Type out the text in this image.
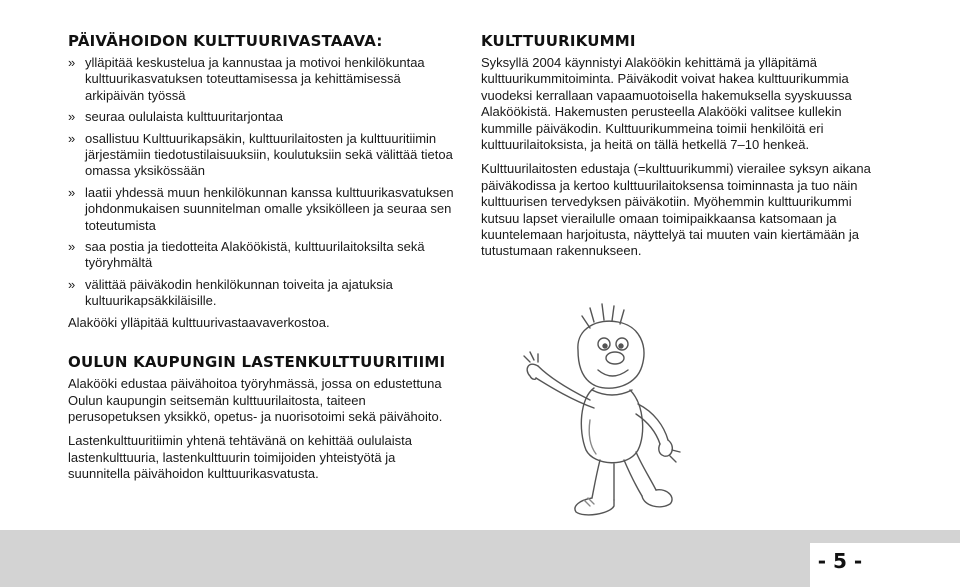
PÄIVÄHOIDON KULTTUURIVASTAAVA:
» ylläpitää keskustelua ja kannustaa ja motivoi henkilökuntaa kulttuurikasvatuksen toteuttamisessa ja kehittämisessä arkipäivän työssä
» seuraa oululaista kulttuuritarjontaa
» osallistuu Kulttuurikapsäkin, kulttuurilaitosten ja kulttuuritiimin järjestämiin tiedotustilaisuuksiin, koulutuksiin sekä välittää tietoa omassa yksikössään
» laatii yhdessä muun henkilökunnan kanssa kulttuurikasvatuksen johdonmukaisen suunnitelman omalle yksikölleen ja seuraa sen toteutumista
» saa postia ja tiedotteita Alaköökistä, kulttuurilaitoksilta sekä työryhmältä
» välittää päiväkodin henkilökunnan toiveita ja ajatuksia kultuurikapsäkkiläisille.

Alakööki ylläpitää kulttuurivastaavaverkostoa.

OULUN KAUPUNGIN LASTENKULTTUURITIIMI

Alakööki edustaa päivähoitoa työryhmässä, jossa on edustettuna Oulun kaupungin seitsemän kulttuurilaitosta, taiteen perusopetuksen yksikkö, opetus- ja nuorisotoimi sekä päivähoito.

Lastenkulttuuritiimin yhtenä tehtävänä on kehittää oululaista lastenkulttuuria, lastenkulttuurin toimijoiden yhteistyötä ja suunnitella päivähoidon kulttuurikasvatusta.

KULTTUURIKUMMI

Syksyllä 2004 käynnistyi Alaköökin kehittämä ja ylläpitämä kulttuurikummitoiminta. Päiväkodit voivat hakea kulttuurikummia vuodeksi kerrallaan vapaamuotoisella hakemuksella syyskuussa Alaköökistä. Hakemusten perusteella Alakööki valitsee kullekin kummille päiväkodin. Kulttuurikummeina toimii henkilöitä eri kulttuurilaitoksista, ja heitä on tällä hetkellä 7–10 henkeä.

Kulttuurilaitosten edustaja (=kulttuurikummi) vierailee syksyn aikana päiväkodissa ja kertoo kulttuurilaitoksensa toiminnasta ja tuo näin kulttuurisen tervedyksen päiväkotiin. Myöhemmin kulttuurikummi kutsuu lapset vierailulle omaan toimipaikkaansa katsomaan ja kuuntelemaan harjoitusta, näyttelyä tai muuten vain kiertämään ja tutustumaan rakennukseen.

- 5 -
